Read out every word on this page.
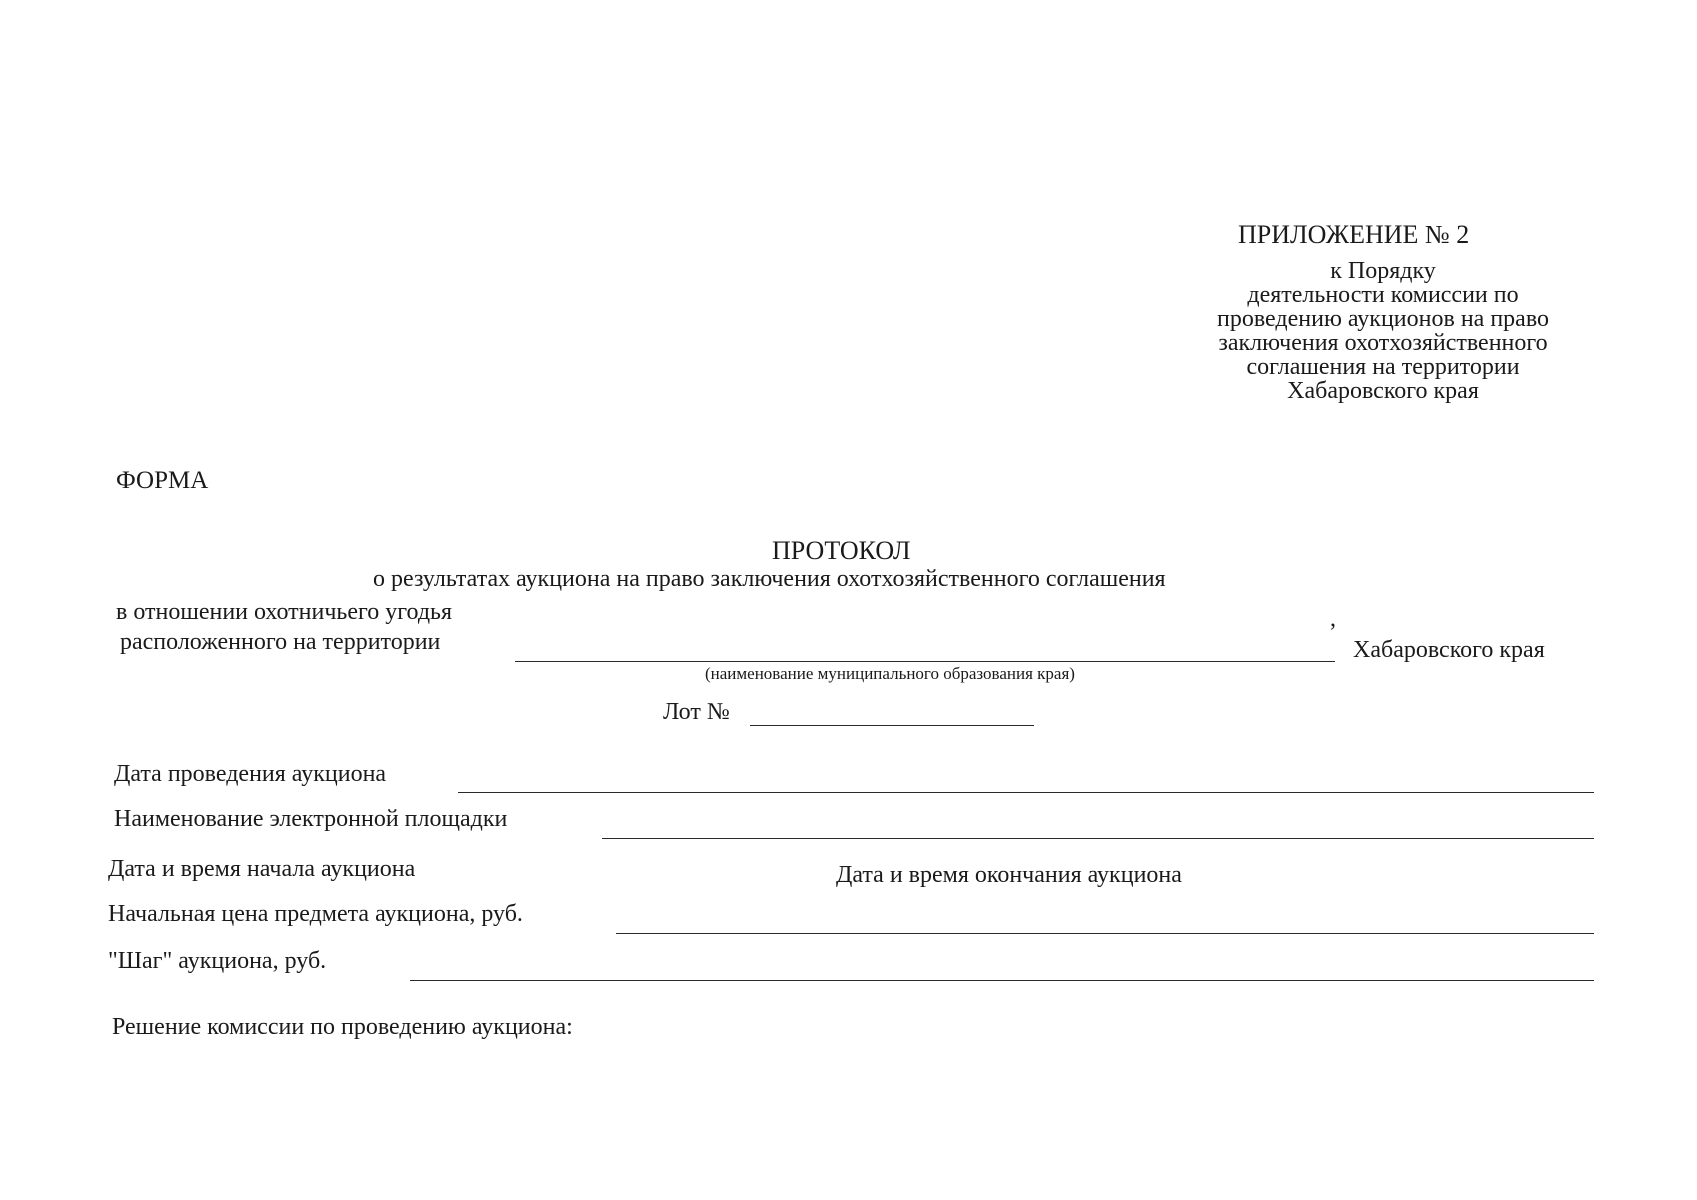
ПРИЛОЖЕНИЕ № 2
к Порядку
деятельности комиссии по
проведению аукционов на право
заключения охотхозяйственного
соглашения на территории
Хабаровского края
ФОРМА
ПРОТОКОЛ
о результатах аукциона на право заключения охотхозяйственного соглашения
в отношении охотничьего угодья
расположенного на территории
,
Хабаровского края
(наименование муниципального образования края)
Лот №
Дата проведения аукциона
Наименование электронной площадки
Дата и время начала аукциона	Дата и время окончания аукциона
Начальная цена предмета аукциона, руб.
"Шаг" аукциона, руб.
Решение комиссии по проведению аукциона:
